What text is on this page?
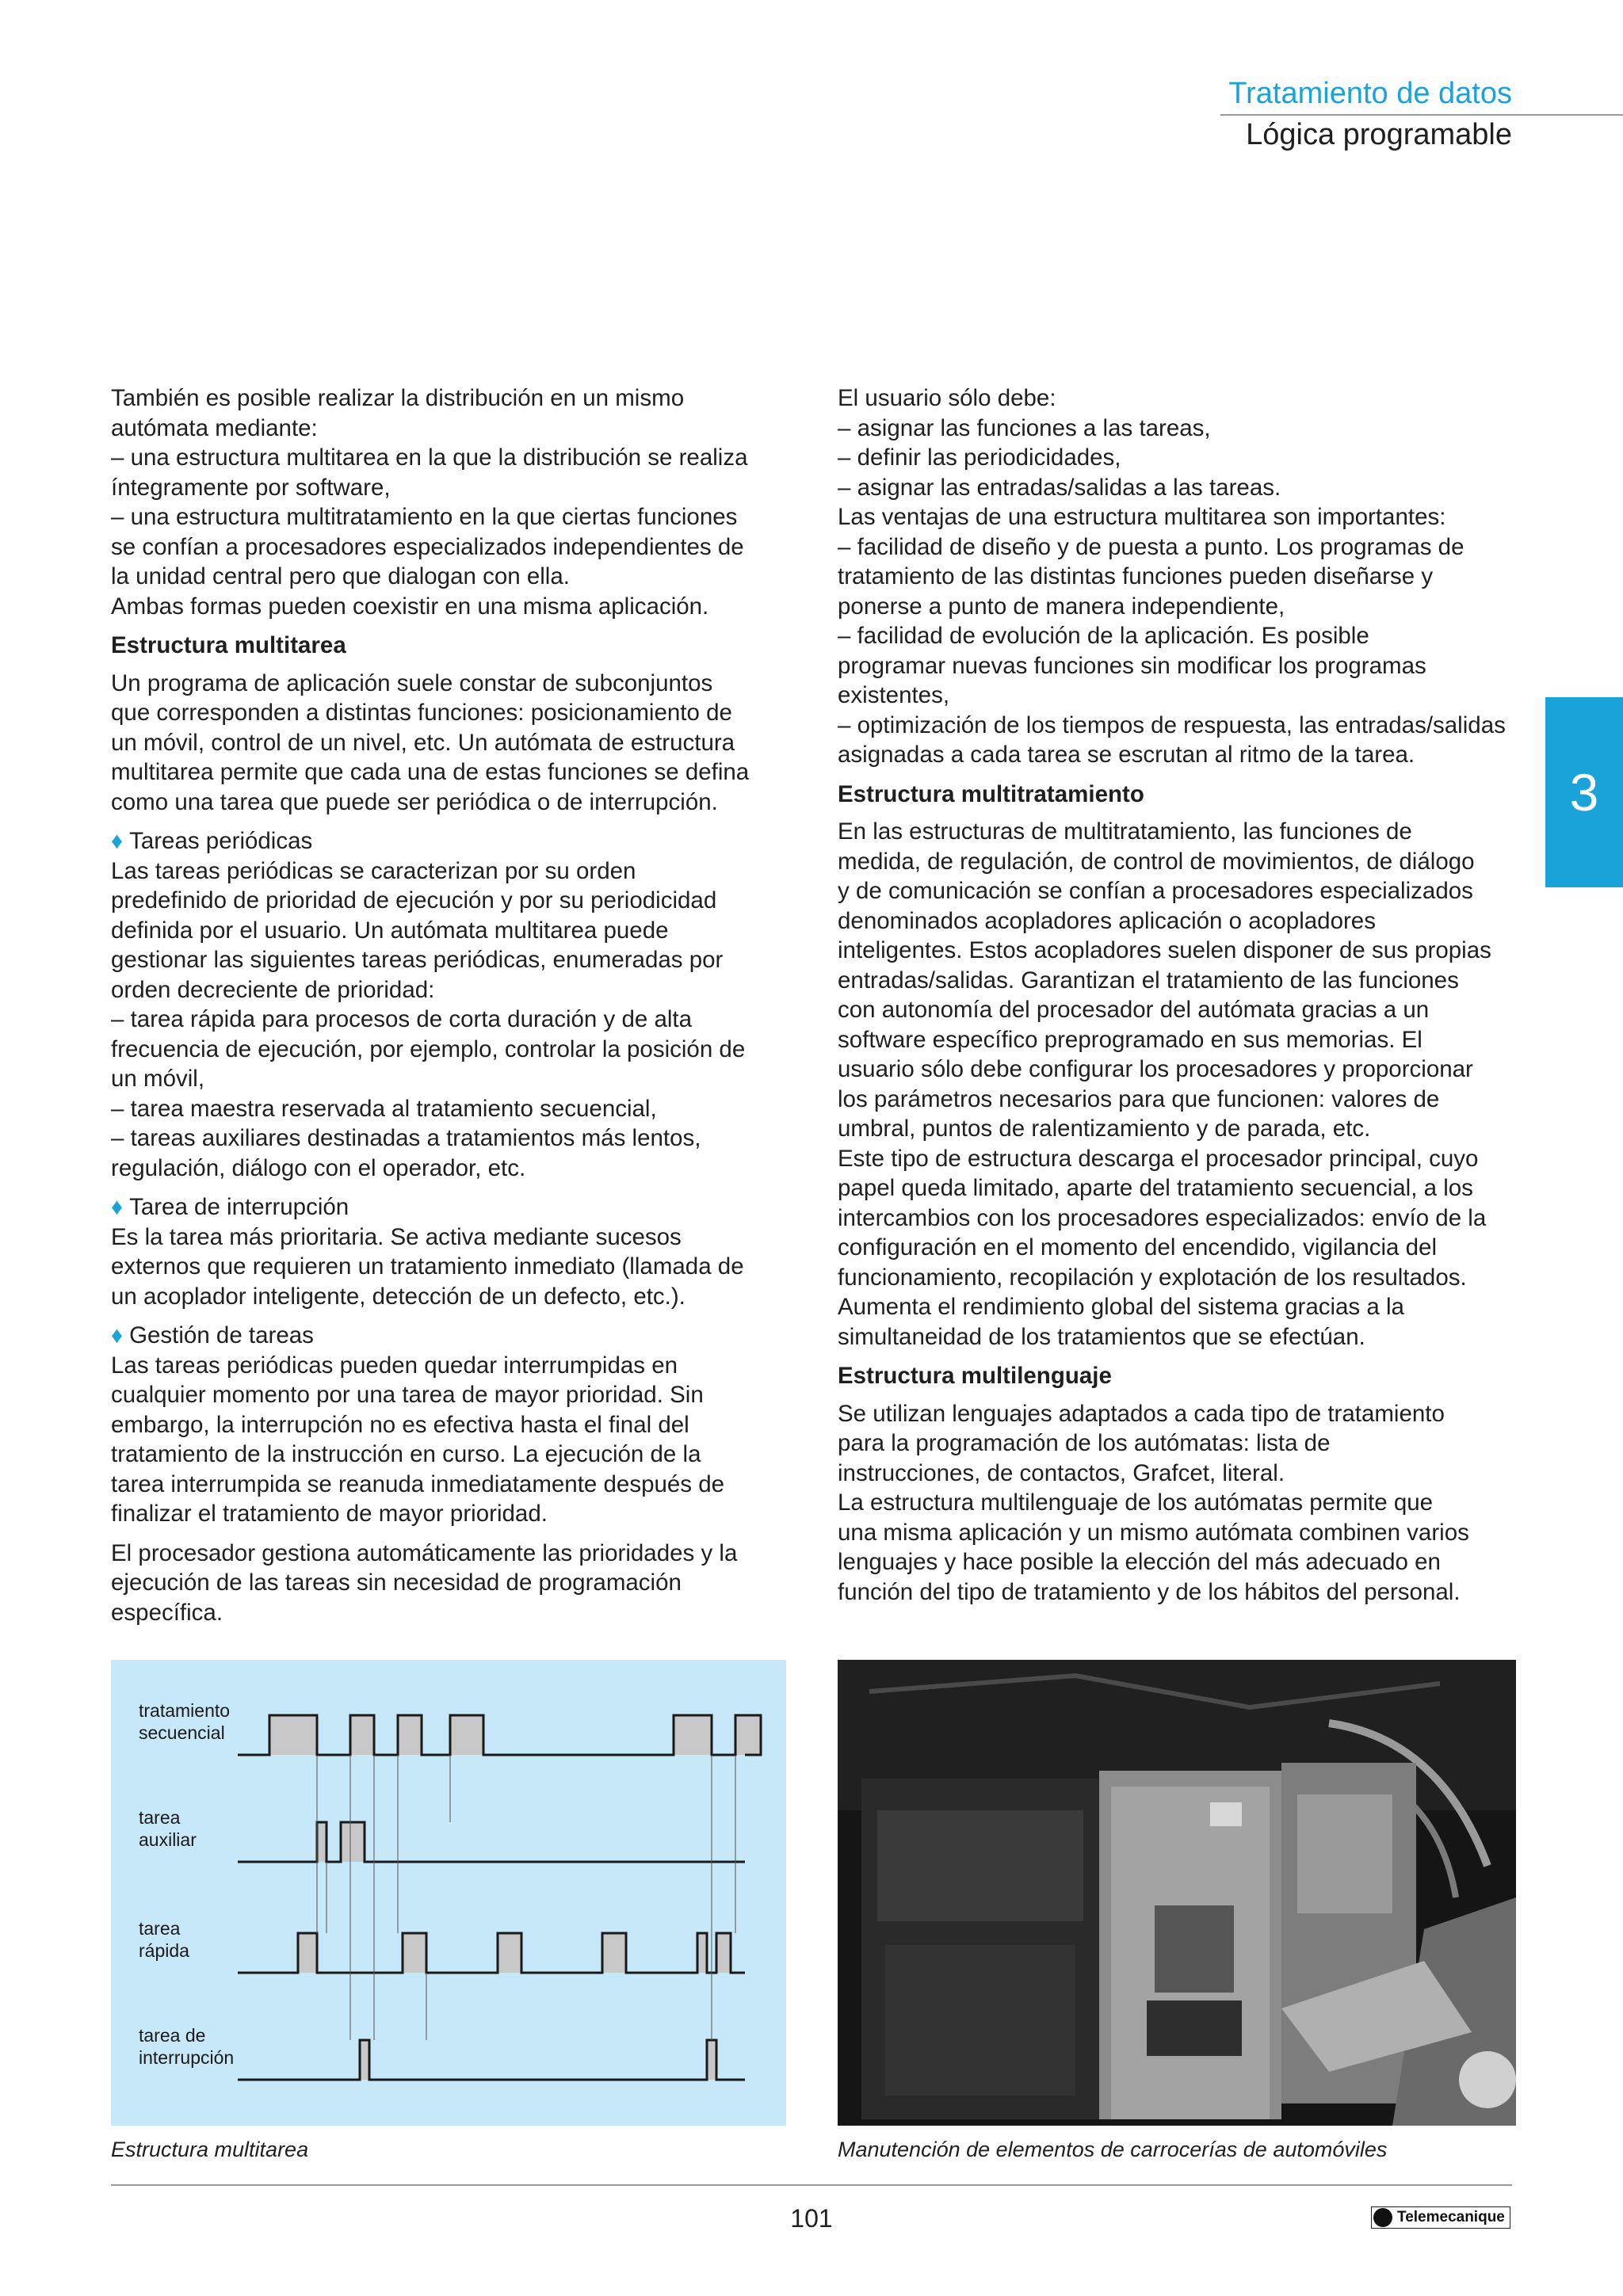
Tratamiento de datos
Lógica programable
3

También es posible realizar la distribución en un mismo
autómata mediante:
– una estructura multitarea en la que la distribución se realiza
íntegramente por software,
– una estructura multitratamiento en la que ciertas funciones
se confían a procesadores especializados independientes de
la unidad central pero que dialogan con ella.
Ambas formas pueden coexistir en una misma aplicación.

Estructura multitarea

Un programa de aplicación suele constar de subconjuntos
que corresponden a distintas funciones: posicionamiento de
un móvil, control de un nivel, etc. Un autómata de estructura
multitarea permite que cada una de estas funciones se defina
como una tarea que puede ser periódica o de interrupción.

♦ Tareas periódicas
Las tareas periódicas se caracterizan por su orden
predefinido de prioridad de ejecución y por su periodicidad
definida por el usuario. Un autómata multitarea puede
gestionar las siguientes tareas periódicas, enumeradas por
orden decreciente de prioridad:
– tarea rápida para procesos de corta duración y de alta
frecuencia de ejecución, por ejemplo, controlar la posición de
un móvil,
– tarea maestra reservada al tratamiento secuencial,
– tareas auxiliares destinadas a tratamientos más lentos,
regulación, diálogo con el operador, etc.

♦ Tarea de interrupción
Es la tarea más prioritaria. Se activa mediante sucesos
externos que requieren un tratamiento inmediato (llamada de
un acoplador inteligente, detección de un defecto, etc.).

♦ Gestión de tareas
Las tareas periódicas pueden quedar interrumpidas en
cualquier momento por una tarea de mayor prioridad. Sin
embargo, la interrupción no es efectiva hasta el final del
tratamiento de la instrucción en curso. La ejecución de la
tarea interrumpida se reanuda inmediatamente después de
finalizar el tratamiento de mayor prioridad.

El procesador gestiona automáticamente las prioridades y la
ejecución de las tareas sin necesidad de programación
específica.

El usuario sólo debe:
– asignar las funciones a las tareas,
– definir las periodicidades,
– asignar las entradas/salidas a las tareas.
Las ventajas de una estructura multitarea son importantes:
– facilidad de diseño y de puesta a punto. Los programas de
tratamiento de las distintas funciones pueden diseñarse y
ponerse a punto de manera independiente,
– facilidad de evolución de la aplicación. Es posible
programar nuevas funciones sin modificar los programas
existentes,
– optimización de los tiempos de respuesta, las entradas/salidas
asignadas a cada tarea se escrutan al ritmo de la tarea.

Estructura multitratamiento

En las estructuras de multitratamiento, las funciones de
medida, de regulación, de control de movimientos, de diálogo
y de comunicación se confían a procesadores especializados
denominados acopladores aplicación o acopladores
inteligentes. Estos acopladores suelen disponer de sus propias
entradas/salidas. Garantizan el tratamiento de las funciones
con autonomía del procesador del autómata gracias a un
software específico preprogramado en sus memorias. El
usuario sólo debe configurar los procesadores y proporcionar
los parámetros necesarios para que funcionen: valores de
umbral, puntos de ralentizamiento y de parada, etc.
Este tipo de estructura descarga el procesador principal, cuyo
papel queda limitado, aparte del tratamiento secuencial, a los
intercambios con los procesadores especializados: envío de la
configuración en el momento del encendido, vigilancia del
funcionamiento, recopilación y explotación de los resultados.
Aumenta el rendimiento global del sistema gracias a la
simultaneidad de los tratamientos que se efectúan.

Estructura multilenguaje

Se utilizan lenguajes adaptados a cada tipo de tratamiento
para la programación de los autómatas: lista de
instrucciones, de contactos, Grafcet, literal.
La estructura multilenguaje de los autómatas permite que
una misma aplicación y un mismo autómata combinen varios
lenguajes y hace posible la elección del más adecuado en
función del tipo de tratamiento y de los hábitos del personal.

tratamiento
secuencial
tarea
auxiliar
tarea
rápida
tarea de
interrupción
Estructura multitarea	Manutención de elementos de carrocerías de automóviles
101	Telemecanique
